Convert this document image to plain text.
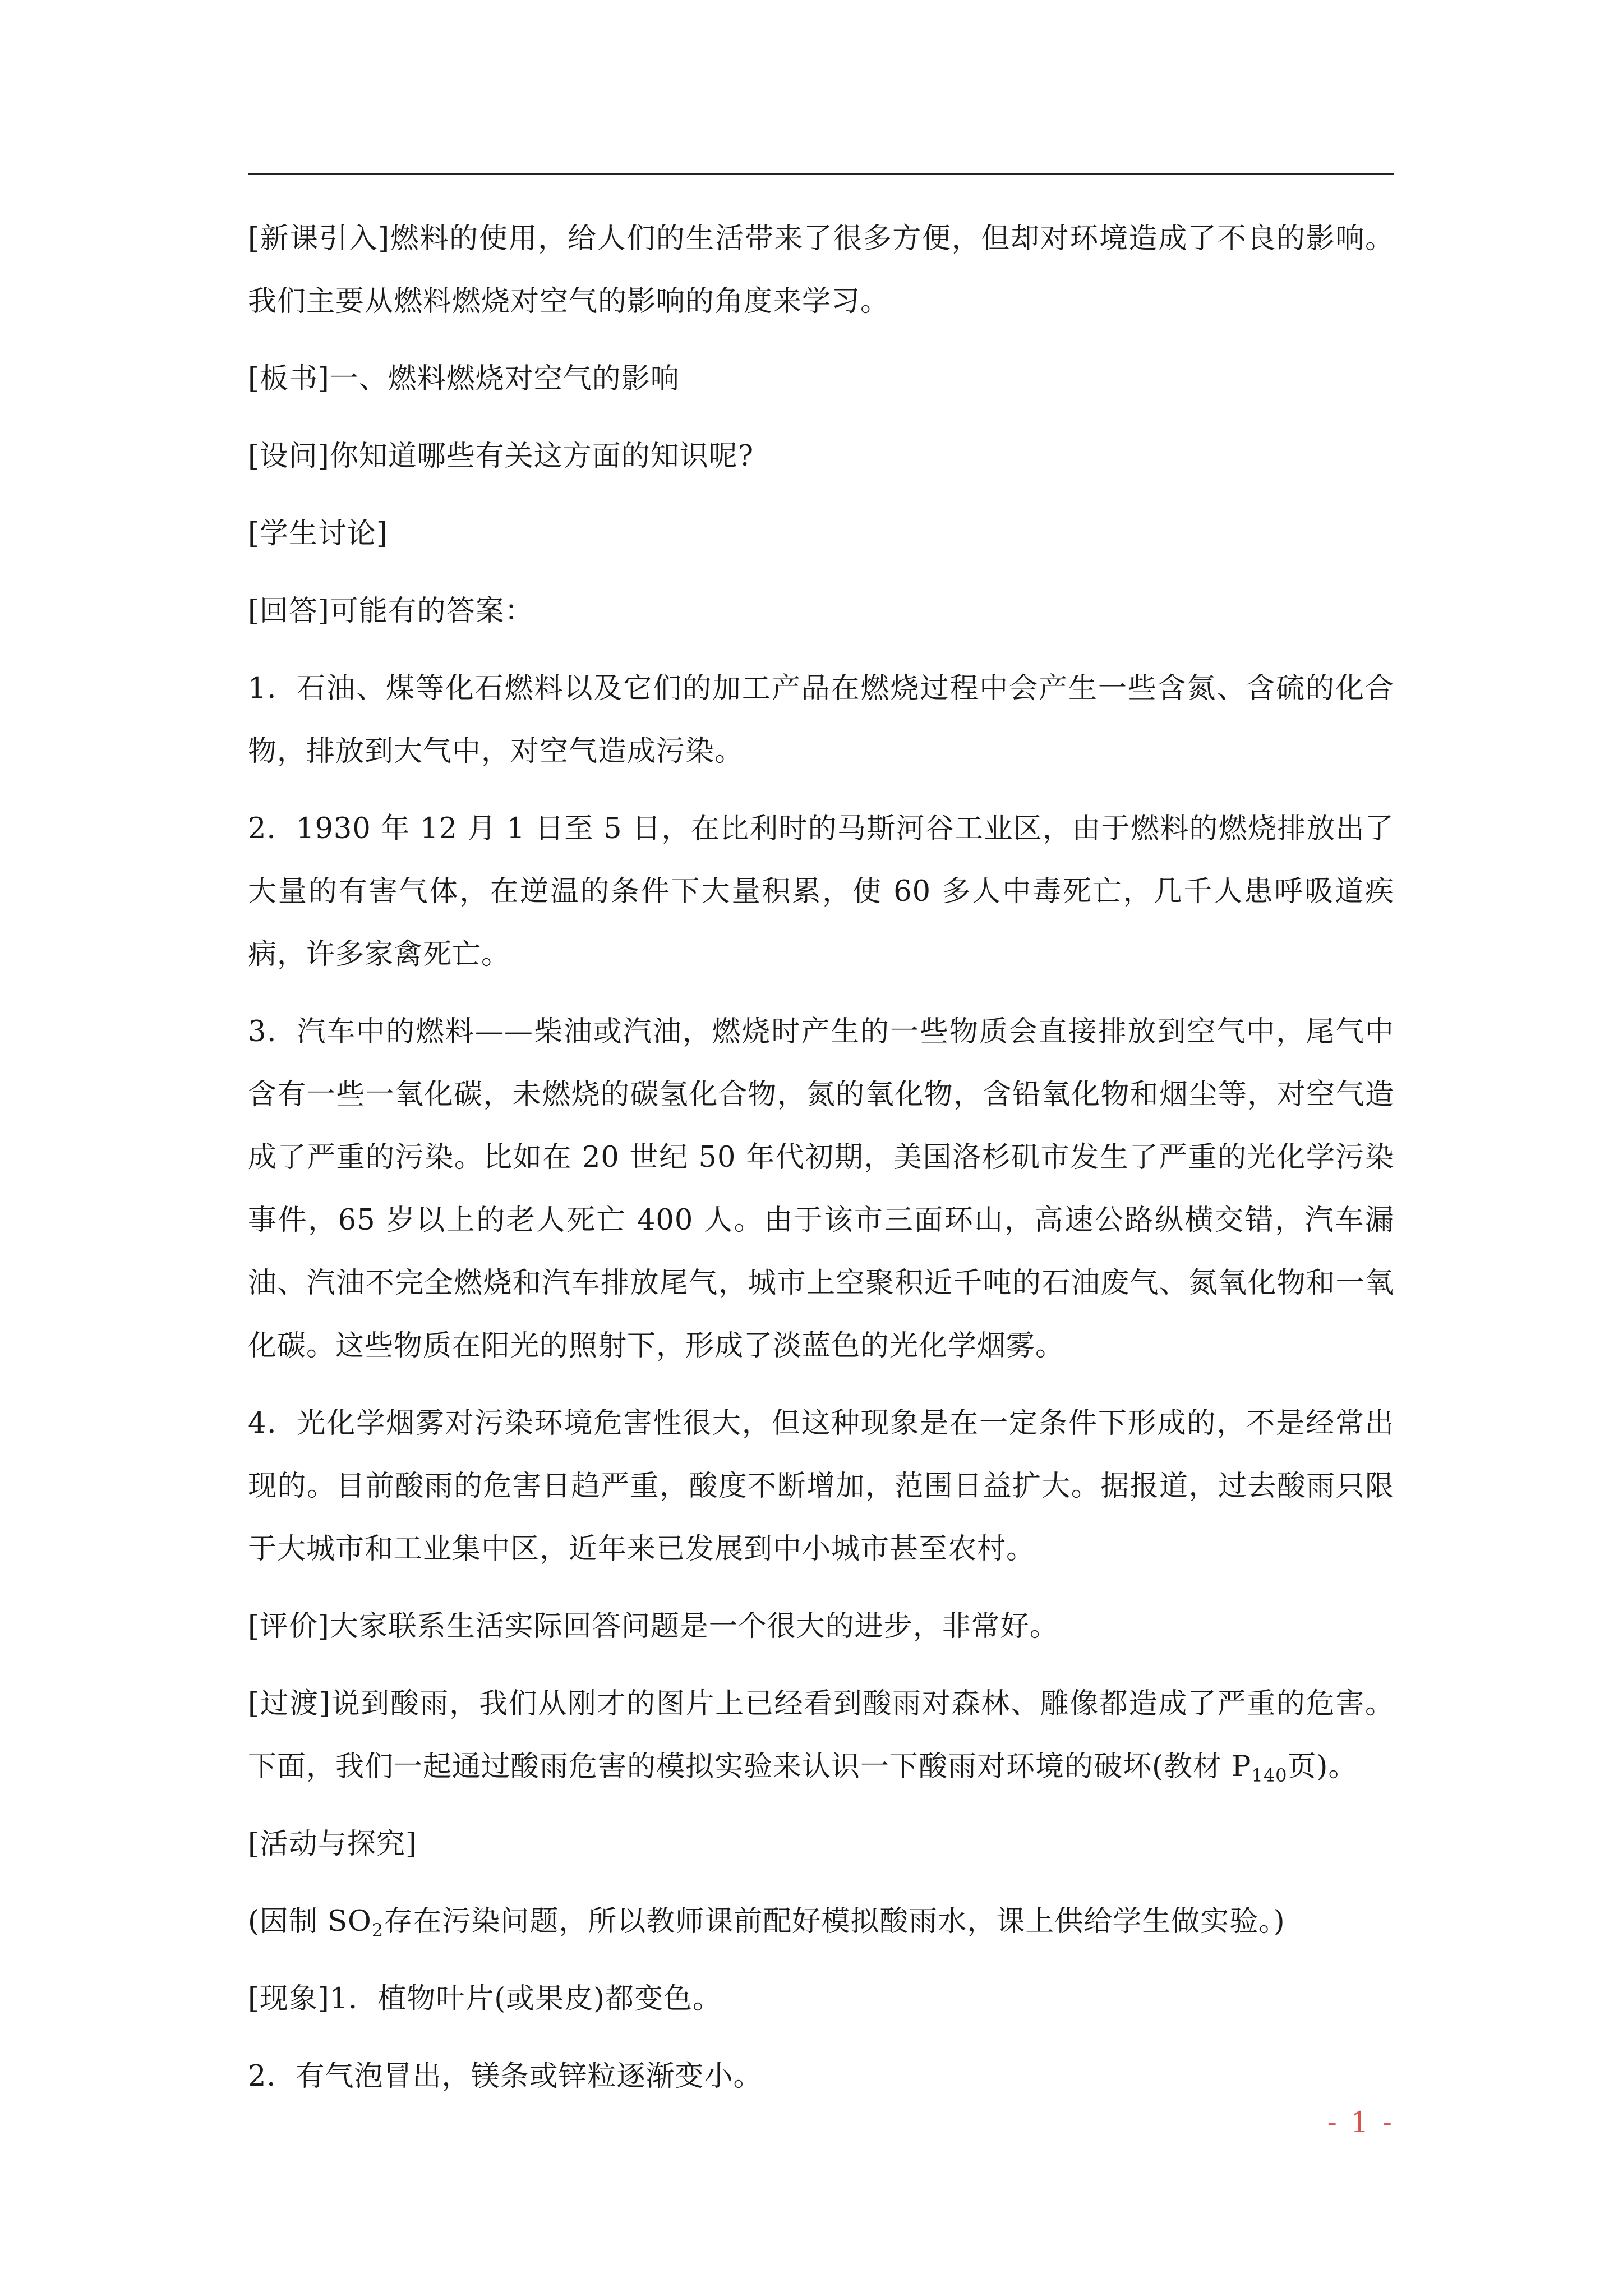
[新课引入]燃料的使用，给人们的生活带来了很多方便，但却对环境造成了不良的影响。我们主要从燃料燃烧对空气的影响的角度来学习。

[板书]一、燃料燃烧对空气的影响

[设问]你知道哪些有关这方面的知识呢?

[学生讨论]

[回答]可能有的答案：

1．石油、煤等化石燃料以及它们的加工产品在燃烧过程中会产生一些含氮、含硫的化合物，排放到大气中，对空气造成污染。

2．1930 年 12 月 1 日至 5 日，在比利时的马斯河谷工业区，由于燃料的燃烧排放出了大量的有害气体，在逆温的条件下大量积累，使 60 多人中毒死亡，几千人患呼吸道疾病，许多家禽死亡。

3．汽车中的燃料——柴油或汽油，燃烧时产生的一些物质会直接排放到空气中，尾气中含有一些一氧化碳，未燃烧的碳氢化合物，氮的氧化物，含铅氧化物和烟尘等，对空气造成了严重的污染。比如在 20 世纪 50 年代初期，美国洛杉矶市发生了严重的光化学污染事件，65 岁以上的老人死亡 400 人。由于该市三面环山，高速公路纵横交错，汽车漏油、汽油不完全燃烧和汽车排放尾气，城市上空聚积近千吨的石油废气、氮氧化物和一氧化碳。这些物质在阳光的照射下，形成了淡蓝色的光化学烟雾。

4．光化学烟雾对污染环境危害性很大，但这种现象是在一定条件下形成的，不是经常出现的。目前酸雨的危害日趋严重，酸度不断增加，范围日益扩大。据报道，过去酸雨只限于大城市和工业集中区，近年来已发展到中小城市甚至农村。

[评价]大家联系生活实际回答问题是一个很大的进步，非常好。

[过渡]说到酸雨，我们从刚才的图片上已经看到酸雨对森林、雕像都造成了严重的危害。下面，我们一起通过酸雨危害的模拟实验来认识一下酸雨对环境的破坏(教材 $P_{140}$页)。

[活动与探究]

(因制 $SO_2$存在污染问题，所以教师课前配好模拟酸雨水，课上供给学生做实验。)

[现象]1．植物叶片(或果皮)都变色。

2．有气泡冒出，镁条或锌粒逐渐变小。

- 1 -
